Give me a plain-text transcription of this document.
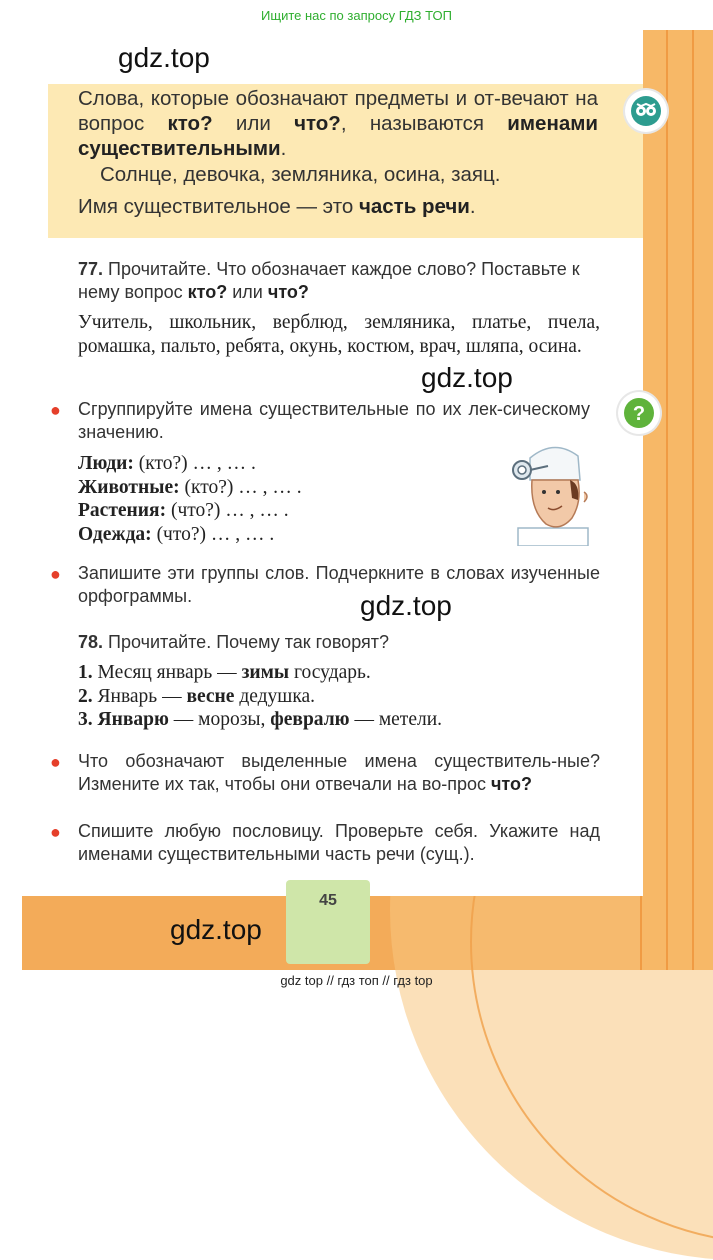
Ищите нас по запросу ГДЗ ТОП
gdz.top

Слова, которые обозначают предметы и от-вечают на вопрос кто? или что?, называются именами существительными.

Солнце, девочка, земляника, осина, заяц.

Имя существительное — это часть речи.

77. Прочитайте. Что обозначает каждое слово? Поставьте к нему вопрос кто? или что?
Учитель, школьник, верблюд, земляника, платье, пчела, ромашка, пальто, ребята, окунь, костюм, врач, шляпа, осина.
gdz.top
?
● Сгруппируйте имена существительные по их лек-сическому значению.
Люди: (кто?) … , … .
Животные: (кто?) … , … .
Растения: (что?) … , … .
Одежда: (что?) … , … .
● Запишите эти группы слов. Подчеркните в словах изученные орфограммы.	gdz.top
78. Прочитайте. Почему так говорят?
1. Месяц январь — зимы государь.
2. Январь — весне дедушка.
3. Январю — морозы, февралю — метели.
● Что обозначают выделенные имена существитель-ные? Измените их так, чтобы они отвечали на во-прос что?
● Спишите любую пословицу. Проверьте себя. Укажите над именами существительными часть речи (сущ.).
45
gdz.top
gdz top // гдз топ // гдз top
